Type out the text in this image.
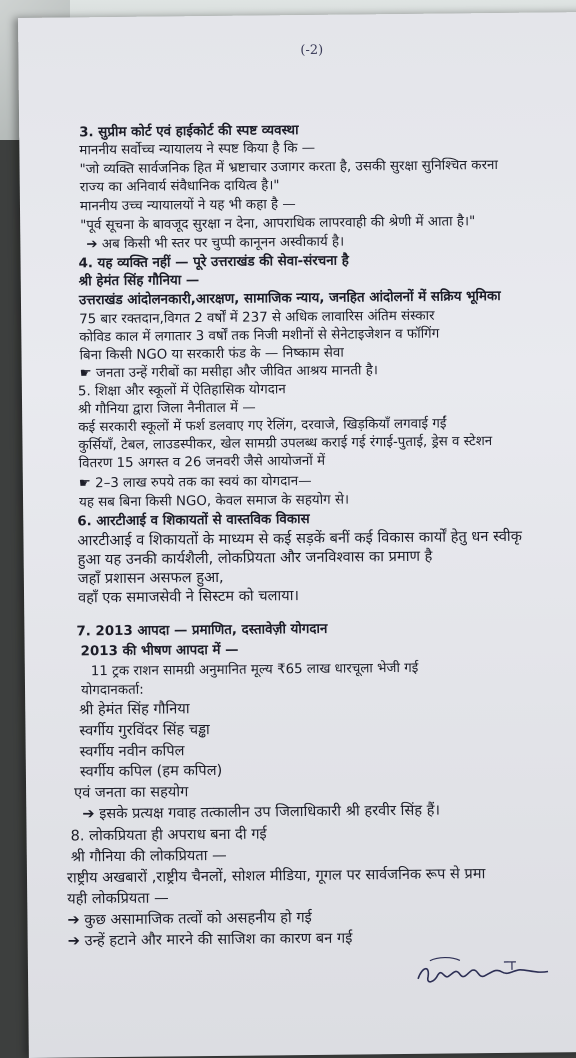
(-2)
3. सुप्रीम कोर्ट एवं हाईकोर्ट की स्पष्ट व्यवस्था
माननीय सर्वोच्च न्यायालय ने स्पष्ट किया है कि —
"जो व्यक्ति सार्वजनिक हित में भ्रष्टाचार उजागर करता है, उसकी सुरक्षा सुनिश्चित करना
राज्य का अनिवार्य संवैधानिक दायित्व है।"
माननीय उच्च न्यायालयों ने यह भी कहा है —
"पूर्व सूचना के बावजूद सुरक्षा न देना, आपराधिक लापरवाही की श्रेणी में आता है।"
➔ अब किसी भी स्तर पर चुप्पी कानूनन अस्वीकार्य है।
4. यह व्यक्ति नहीं — पूरे उत्तराखंड की सेवा-संरचना है
श्री हेमंत सिंह गौनिया —
उत्तराखंड आंदोलनकारी,आरक्षण, सामाजिक न्याय, जनहित आंदोलनों में सक्रिय भूमिका
75 बार रक्तदान,विगत 2 वर्षों में 237 से अधिक लावारिस अंतिम संस्कार
कोविड काल में लगातार 3 वर्षों तक निजी मशीनों से सेनेटाइजेशन व फॉगिंग
बिना किसी NGO या सरकारी फंड के — निष्काम सेवा
☛ जनता उन्हें गरीबों का मसीहा और जीवित आश्रय मानती है।
5. शिक्षा और स्कूलों में ऐतिहासिक योगदान
श्री गौनिया द्वारा जिला नैनीताल में —
कई सरकारी स्कूलों में फर्श डलवाए गए रेलिंग, दरवाजे, खिड़कियाँ लगवाई गईं
कुर्सियाँ, टेबल, लाउडस्पीकर, खेल सामग्री उपलब्ध कराई गई रंगाई-पुताई, ड्रेस व स्टेशन
वितरण 15 अगस्त व 26 जनवरी जैसे आयोजनों में
☛ 2–3 लाख रुपये तक का स्वयं का योगदान—
यह सब बिना किसी NGO, केवल समाज के सहयोग से।
6. आरटीआई व शिकायतों से वास्तविक विकास
आरटीआई व शिकायतों के माध्यम से कई सड़कें बनीं कई विकास कार्यों हेतु धन स्वीकृ
हुआ यह उनकी कार्यशैली, लोकप्रियता और जनविश्वास का प्रमाण है
जहाँ प्रशासन असफल हुआ,
वहाँ एक समाजसेवी ने सिस्टम को चलाया।
7. 2013 आपदा — प्रमाणित, दस्तावेज़ी योगदान
2013 की भीषण आपदा में —
11 ट्रक राशन सामग्री अनुमानित मूल्य ₹65 लाख धारचूला भेजी गई
योगदानकर्ता:
श्री हेमंत सिंह गौनिया
स्वर्गीय गुरविंदर सिंह चड्ढा
स्वर्गीय नवीन कपिल
स्वर्गीय कपिल (हम कपिल)
एवं जनता का सहयोग
➔ इसके प्रत्यक्ष गवाह तत्कालीन उप जिलाधिकारी श्री हरवीर सिंह हैं।
8. लोकप्रियता ही अपराध बना दी गई
श्री गौनिया की लोकप्रियता —
राष्ट्रीय अखबारों ,राष्ट्रीय चैनलों, सोशल मीडिया, गूगल पर सार्वजनिक रूप से प्रमा
यही लोकप्रियता —
➔ कुछ असामाजिक तत्वों को असहनीय हो गई
➔ उन्हें हटाने और मारने की साजिश का कारण बन गई
